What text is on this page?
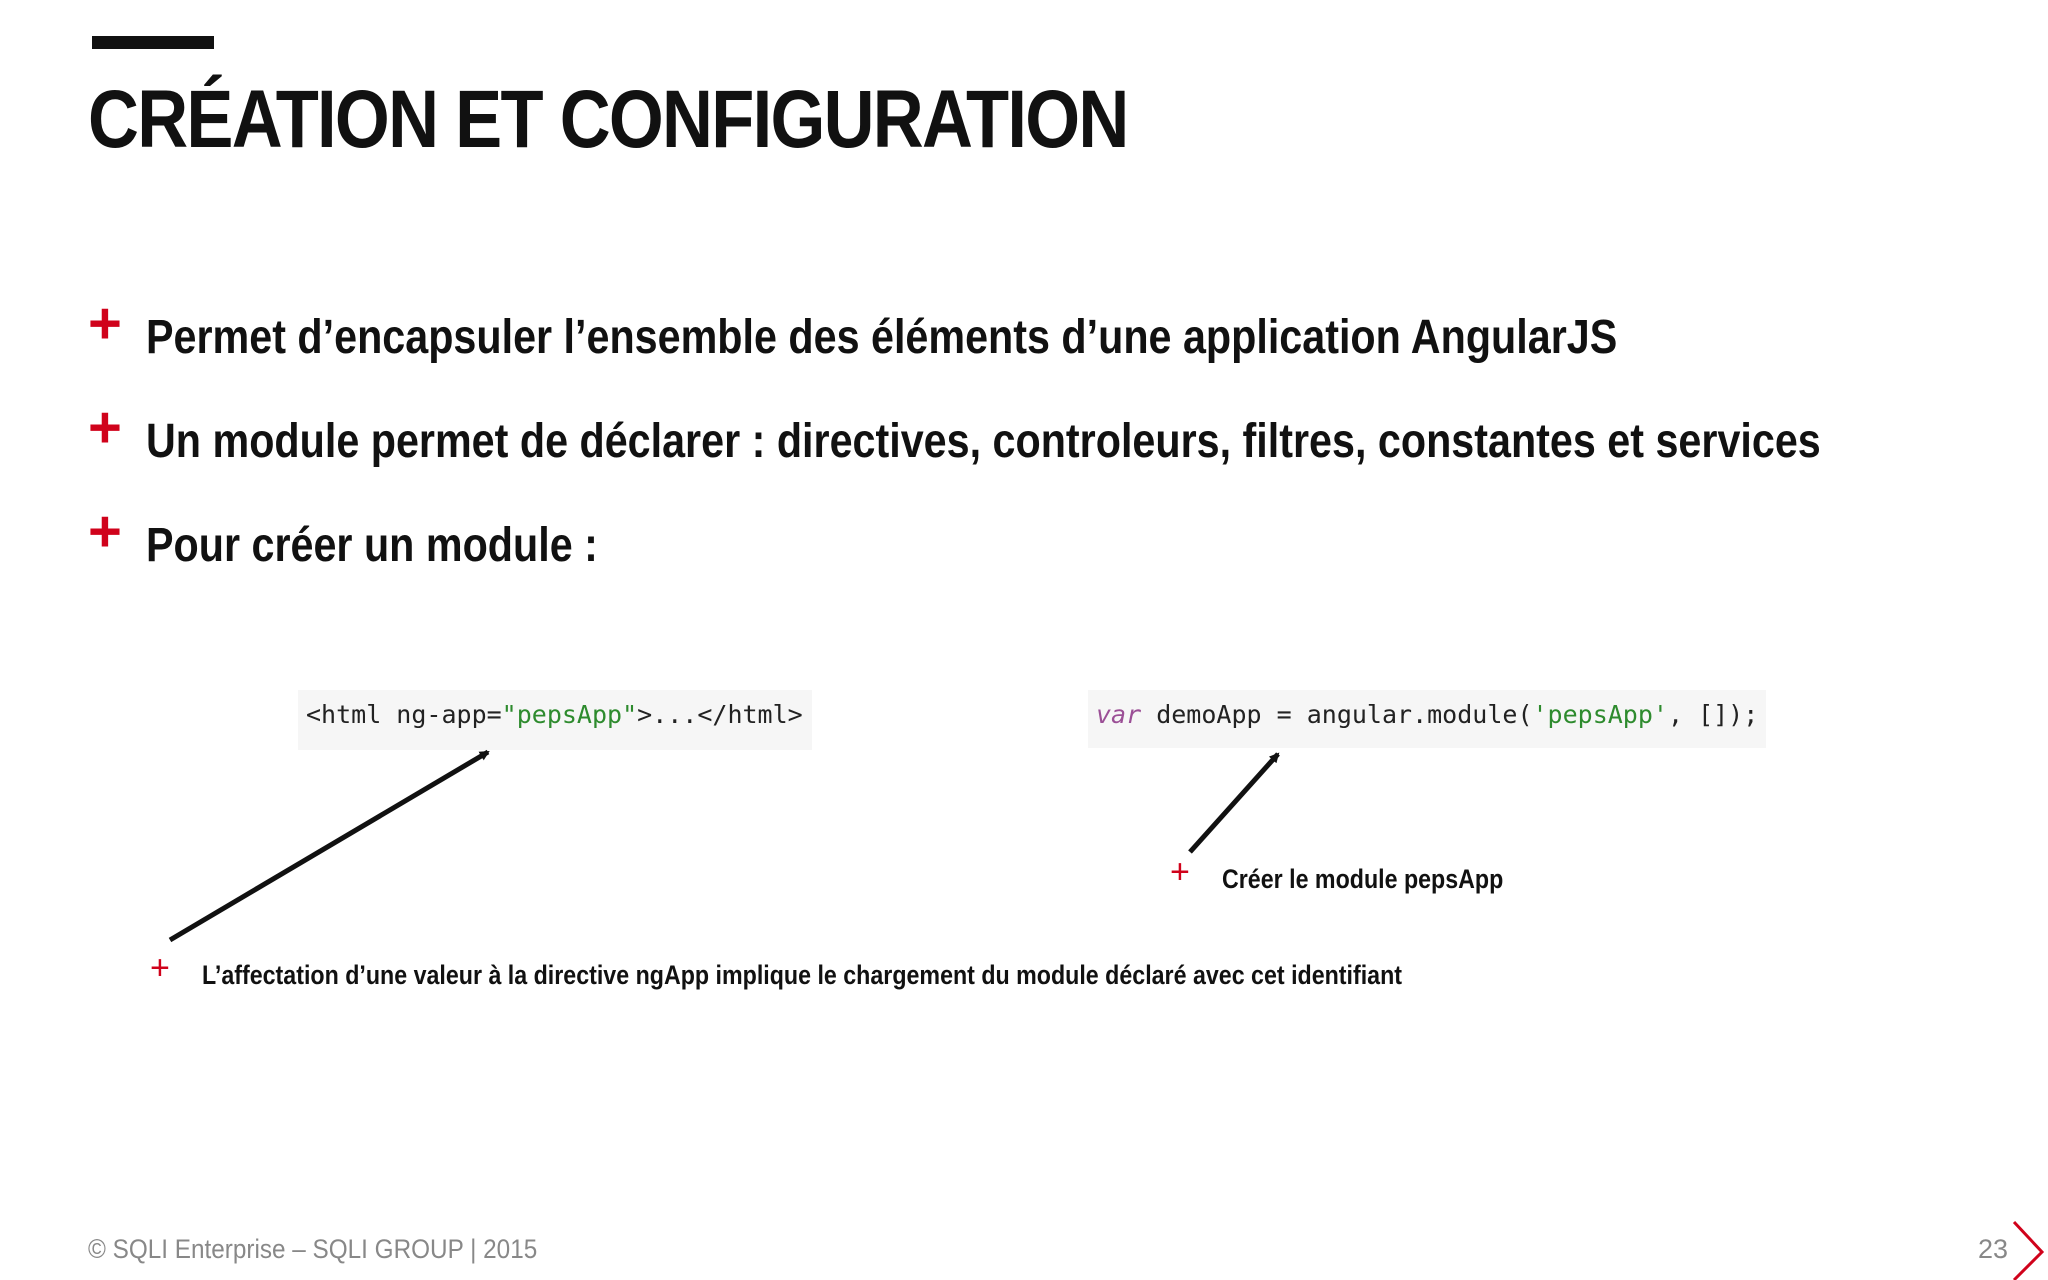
CRÉATION ET CONFIGURATION
+ Permet d’encapsuler l’ensemble des éléments d’une application AngularJS
+ Un module permet de déclarer : directives, controleurs, filtres, constantes et services
+ Pour créer un module :
<html ng-app="pepsApp">...</html>	var demoApp = angular.module('pepsApp', []);
+ Créer le module pepsApp
+ L’affectation d’une valeur à la directive ngApp implique le chargement du module déclaré avec cet identifiant
© SQLI Enterprise – SQLI GROUP | 2015	23
